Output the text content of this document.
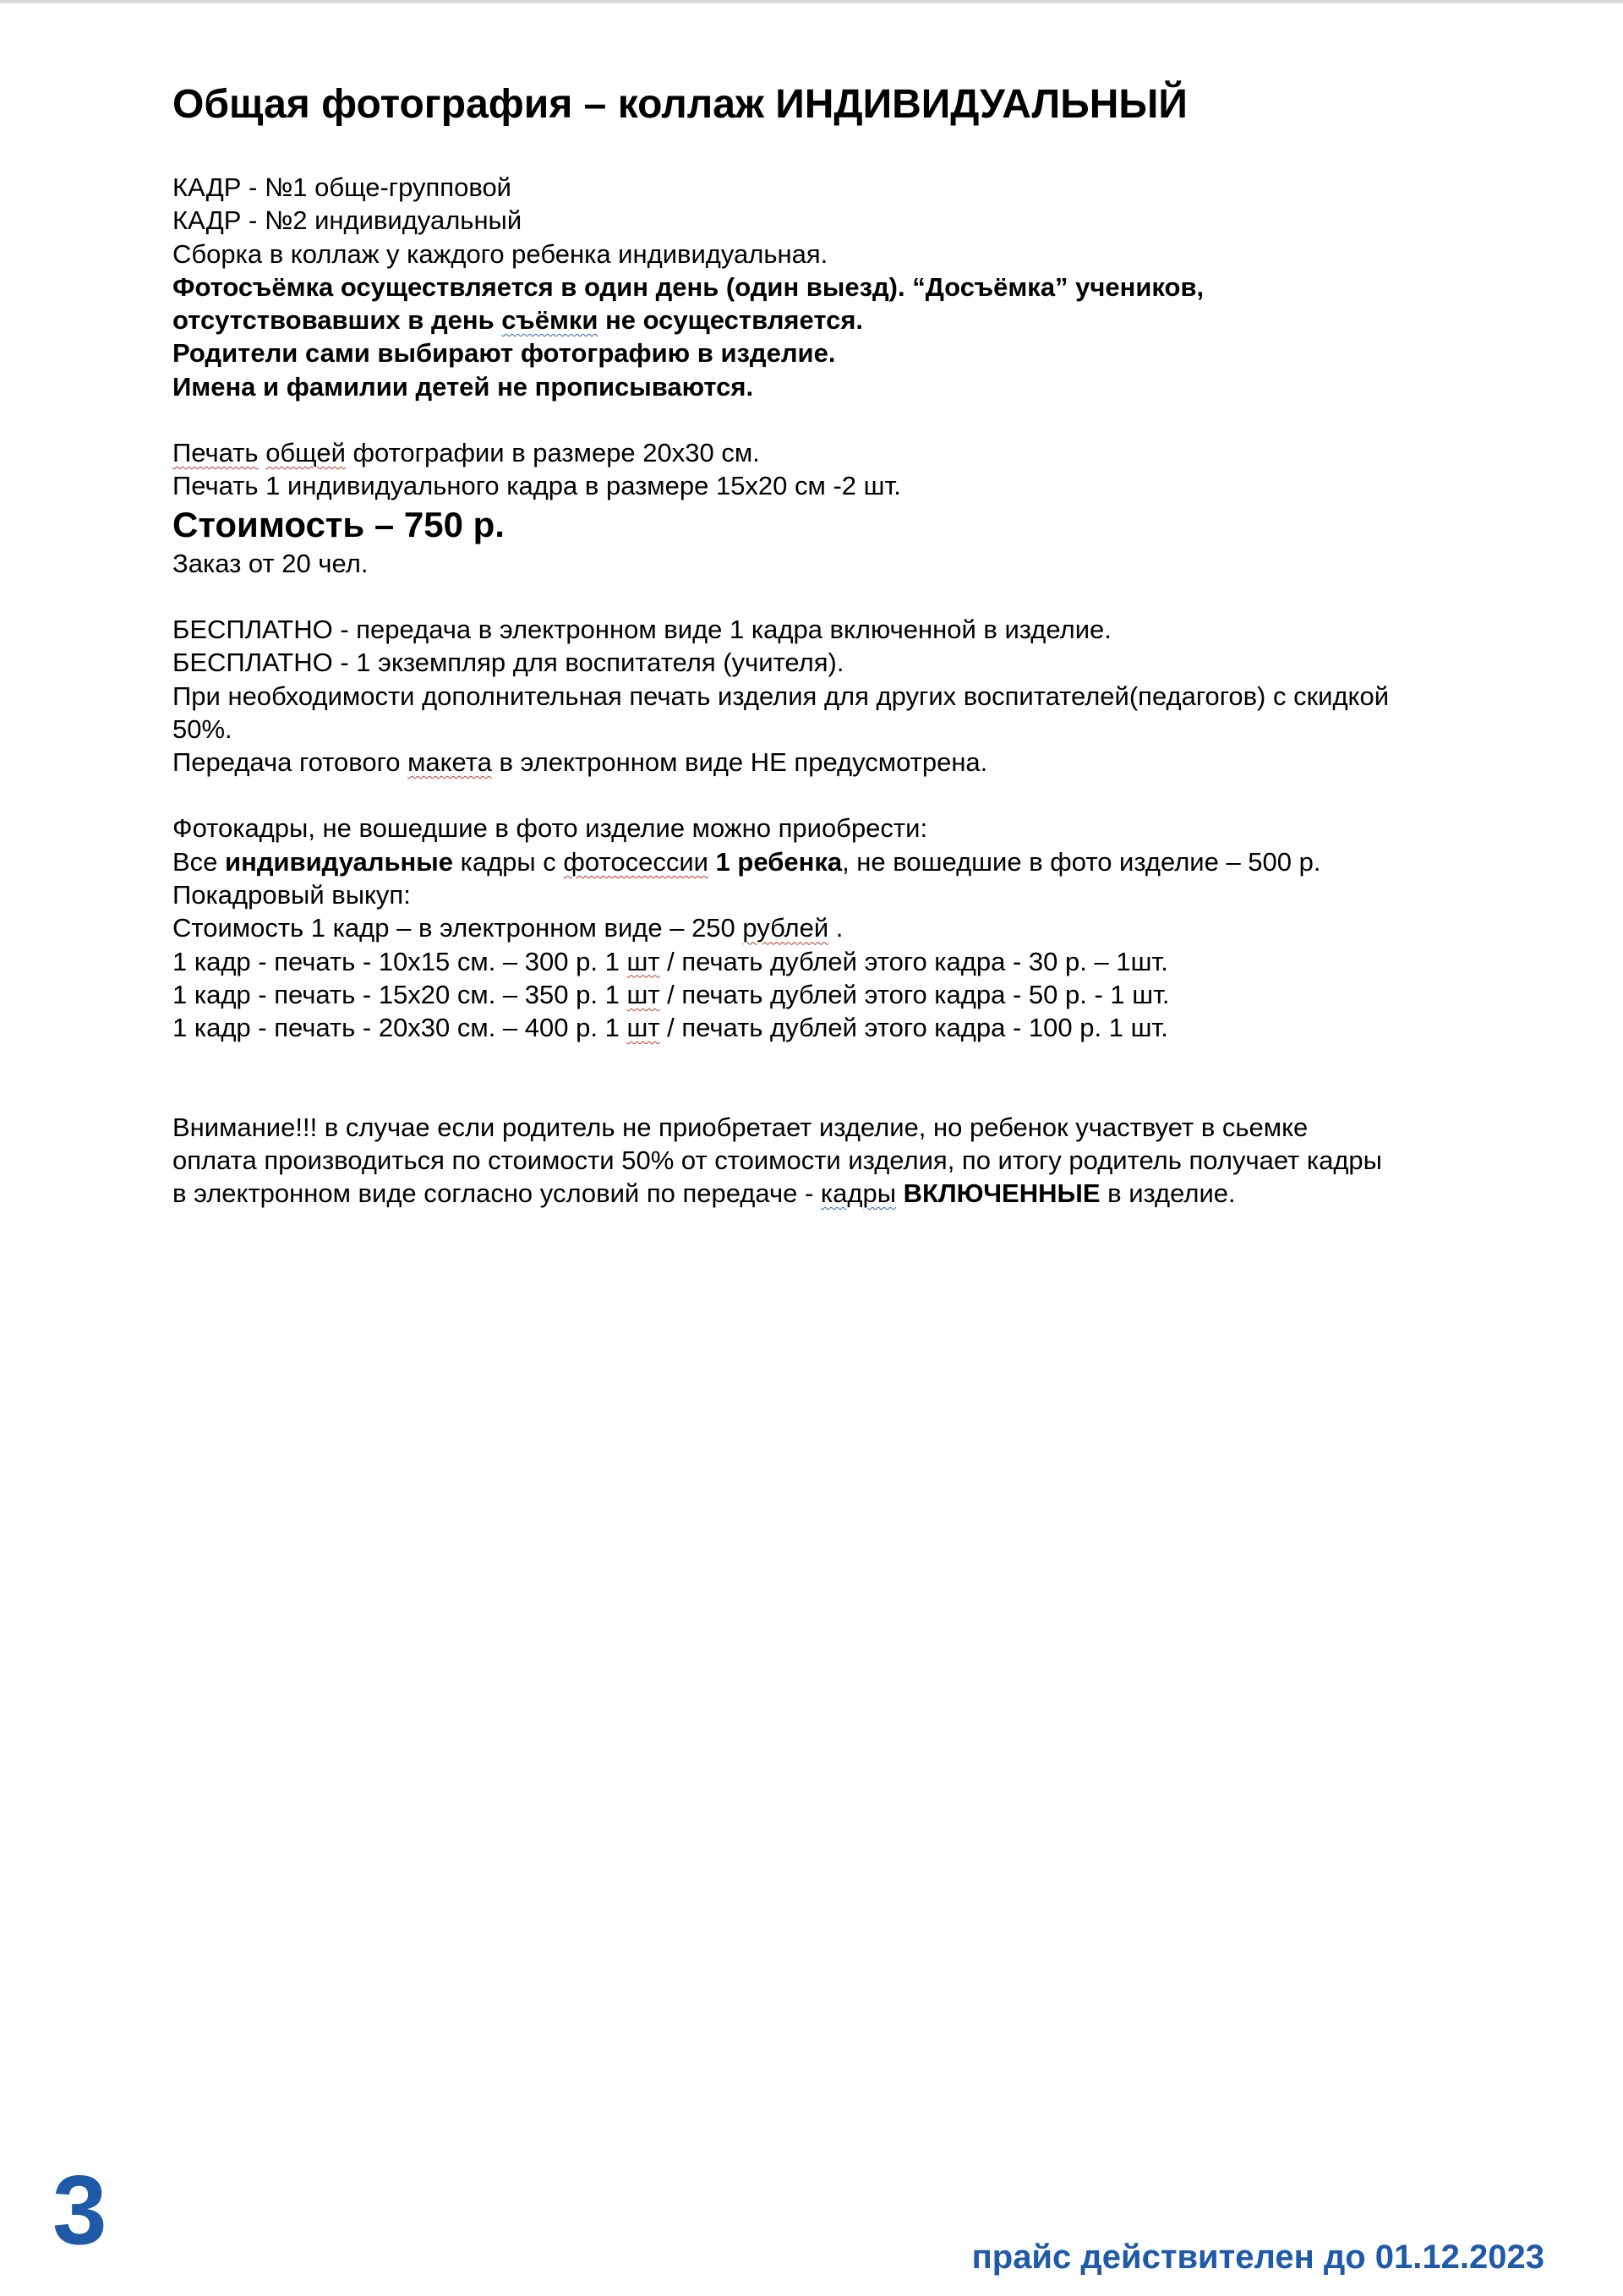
Общая фотография – коллаж ИНДИВИДУАЛЬНЫЙ
КАДР - №1 обще-групповой
КАДР - №2 индивидуальный
Сборка в коллаж у каждого ребенка индивидуальная.
Фотосъёмка осуществляется в один день (один выезд). “Досъёмка” учеников,
отсутствовавших в день съёмки не осуществляется.
Родители сами выбирают фотографию в изделие.
Имена и фамилии детей не прописываются.
Печать общей фотографии в размере 20х30 см.
Печать 1 индивидуального кадра в размере 15х20 см -2 шт.
Стоимость – 750 р.
Заказ от 20 чел.
БЕСПЛАТНО - передача в электронном виде 1 кадра включенной в изделие.
БЕСПЛАТНО - 1 экземпляр для воспитателя (учителя).
При необходимости дополнительная печать изделия для других воспитателей(педагогов) с скидкой 50%.
Передача готового макета в электронном виде НЕ предусмотрена.
Фотокадры, не вошедшие в фото изделие можно приобрести:
Все индивидуальные кадры с фотосессии 1 ребенка, не вошедшие в фото изделие – 500 р.
Покадровый выкуп:
Стоимость 1 кадр – в электронном виде – 250 рублей .
1 кадр - печать - 10х15 см. – 300 р. 1 шт / печать дублей этого кадра - 30 р. – 1шт.
1 кадр - печать - 15х20 см. – 350 р. 1 шт / печать дублей этого кадра - 50 р. - 1 шт.
1 кадр - печать - 20х30 см. – 400 р. 1 шт / печать дублей этого кадра - 100 р. 1 шт.
Внимание!!! в случае если родитель не приобретает изделие, но ребенок участвует в сьемке
оплата производиться по стоимости 50% от стоимости изделия, по итогу родитель получает кадры
в электронном виде согласно условий по передаче - кадры ВКЛЮЧЕННЫЕ в изделие.
3	прайс действителен до 01.12.2023
